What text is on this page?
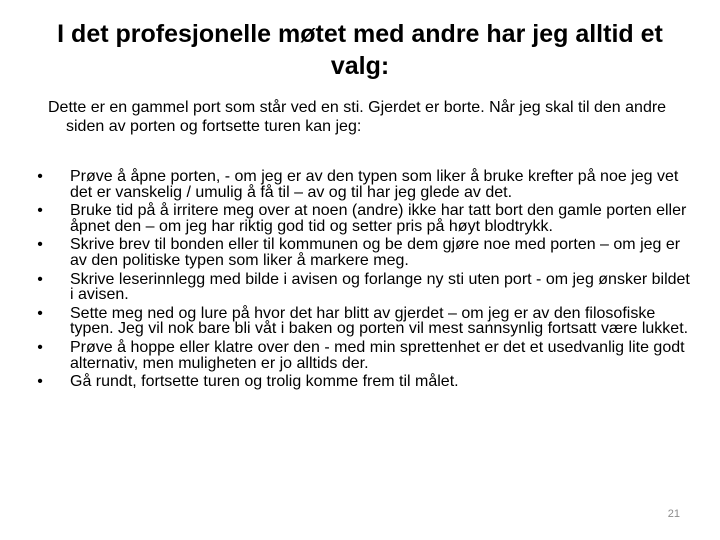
I det profesjonelle møtet med andre har jeg alltid et valg:

Dette er en gammel port som står ved en sti. Gjerdet er borte. Når jeg skal til den andre siden av porten og fortsette turen kan jeg:

• Prøve å åpne porten, - om jeg er av den typen som liker å bruke krefter på noe jeg vet det er vanskelig / umulig å få til – av og til har jeg glede av det.
• Bruke tid på å irritere meg over at noen (andre) ikke har tatt bort den gamle porten eller åpnet den – om jeg har riktig god tid og setter pris på høyt blodtrykk.
• Skrive brev til bonden eller til kommunen og be dem gjøre noe med porten – om jeg er av den politiske typen som liker å markere meg.
• Skrive leserinnlegg med bilde i avisen og forlange ny sti uten port - om jeg ønsker bildet i avisen.
• Sette meg ned og lure på hvor det har blitt av gjerdet – om jeg er av den filosofiske typen. Jeg vil nok bare bli våt i baken og porten vil mest sannsynlig fortsatt være lukket.
• Prøve å hoppe eller klatre over den - med min sprettenhet er det et usedvanlig lite godt alternativ, men muligheten er jo alltids der.
• Gå rundt, fortsette turen og trolig komme frem til målet.
21
